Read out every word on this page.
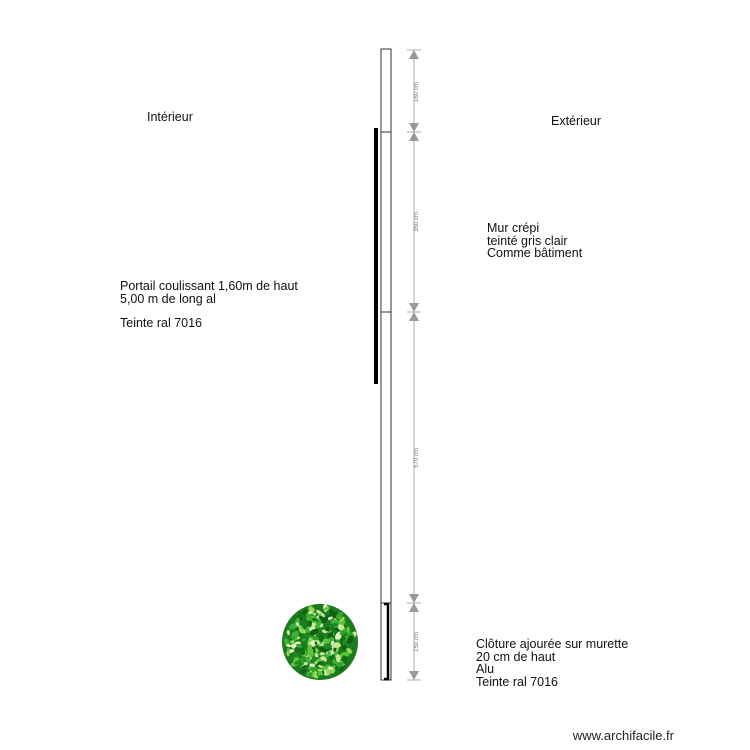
160 cm
350 cm
570 cm
150 cm
Intérieur	Extérieur
Mur crépi
teinté gris clair
Comme bâtiment
Portail coulissant 1,60m de haut
5,00 m de long al
Teinte ral 7016
Clôture ajourée sur murette
20 cm de haut
Alu
Teinte ral 7016
www.archifacile.fr
